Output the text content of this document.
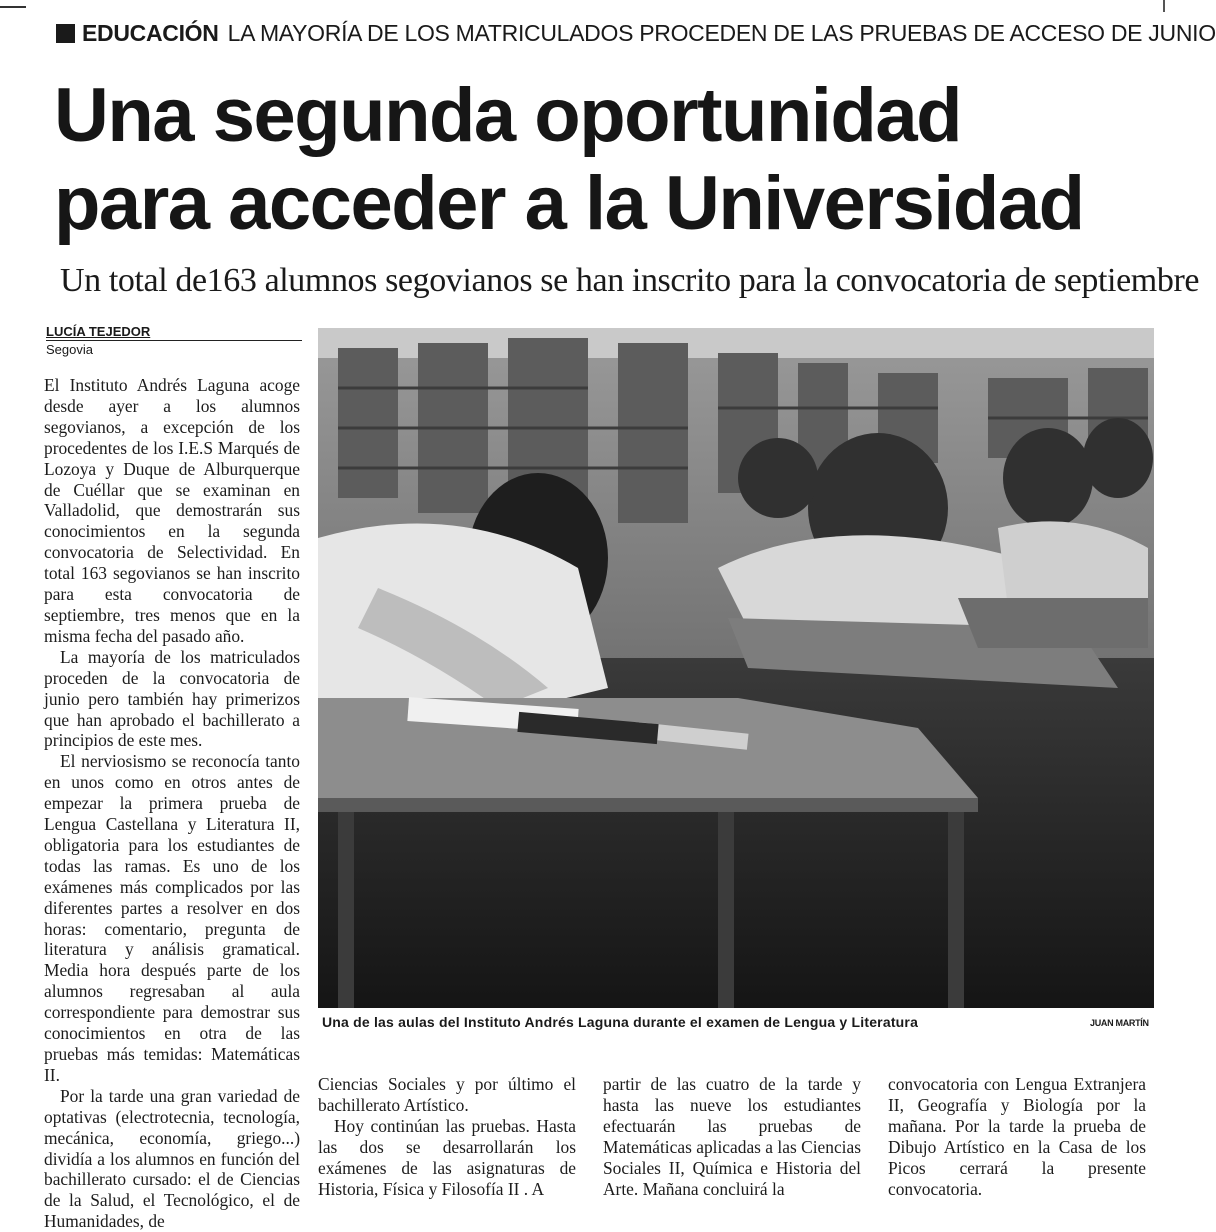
EDUCACIÓN LA MAYORÍA DE LOS MATRICULADOS PROCEDEN DE LAS PRUEBAS DE ACCESO DE JUNIO
Una segunda oportunidad
para acceder a la Universidad
Un total de163 alumnos segovianos se han inscrito para la convocatoria de septiembre
LUCÍA TEJEDOR
Segovia

El Instituto Andrés Laguna acoge desde ayer a los alumnos segovianos, a excepción de los procedentes de los I.E.S Marqués de Lozoya y Duque de Alburquerque de Cuéllar que se examinan en Valladolid, que demostrarán sus conocimientos en la segunda convocatoria de Selectividad. En total 163 segovianos se han inscrito para esta convocatoria de septiembre, tres menos que en la misma fecha del pasado año.

La mayoría de los matriculados proceden de la convocatoria de junio pero también hay primerizos que han aprobado el bachillerato a principios de este mes.

El nerviosismo se reconocía tanto en unos como en otros antes de empezar la primera prueba de Lengua Castellana y Literatura II, obligatoria para los estudiantes de todas las ramas. Es uno de los exámenes más complicados por las diferentes partes a resolver en dos horas: comentario, pregunta de literatura y análisis gramatical. Media hora después parte de los alumnos regresaban al aula correspondiente para demostrar sus conocimientos en otra de las pruebas más temidas: Matemáticas II.

Por la tarde una gran variedad de optativas (electrotecnia, tecnología, mecánica, economía, griego...) dividía a los alumnos en función del bachillerato cursado: el de Ciencias de la Salud, el Tecnológico, el de Humanidades, de

Una de las aulas del Instituto Andrés Laguna durante el examen de Lengua y Literatura	JUAN MARTÍN

Ciencias Sociales y por último el bachillerato Artístico.

Hoy continúan las pruebas. Hasta las dos se desarrollarán los exámenes de las asignaturas de Historia, Física y Filosofía II . A

partir de las cuatro de la tarde y hasta las nueve los estudiantes efectuarán las pruebas de Matemáticas aplicadas a las Ciencias Sociales II, Química e Historia del Arte. Mañana concluirá la

convocatoria con Lengua Extranjera II, Geografía y Biología por la mañana. Por la tarde la prueba de Dibujo Artístico en la Casa de los Picos cerrará la presente convocatoria.
